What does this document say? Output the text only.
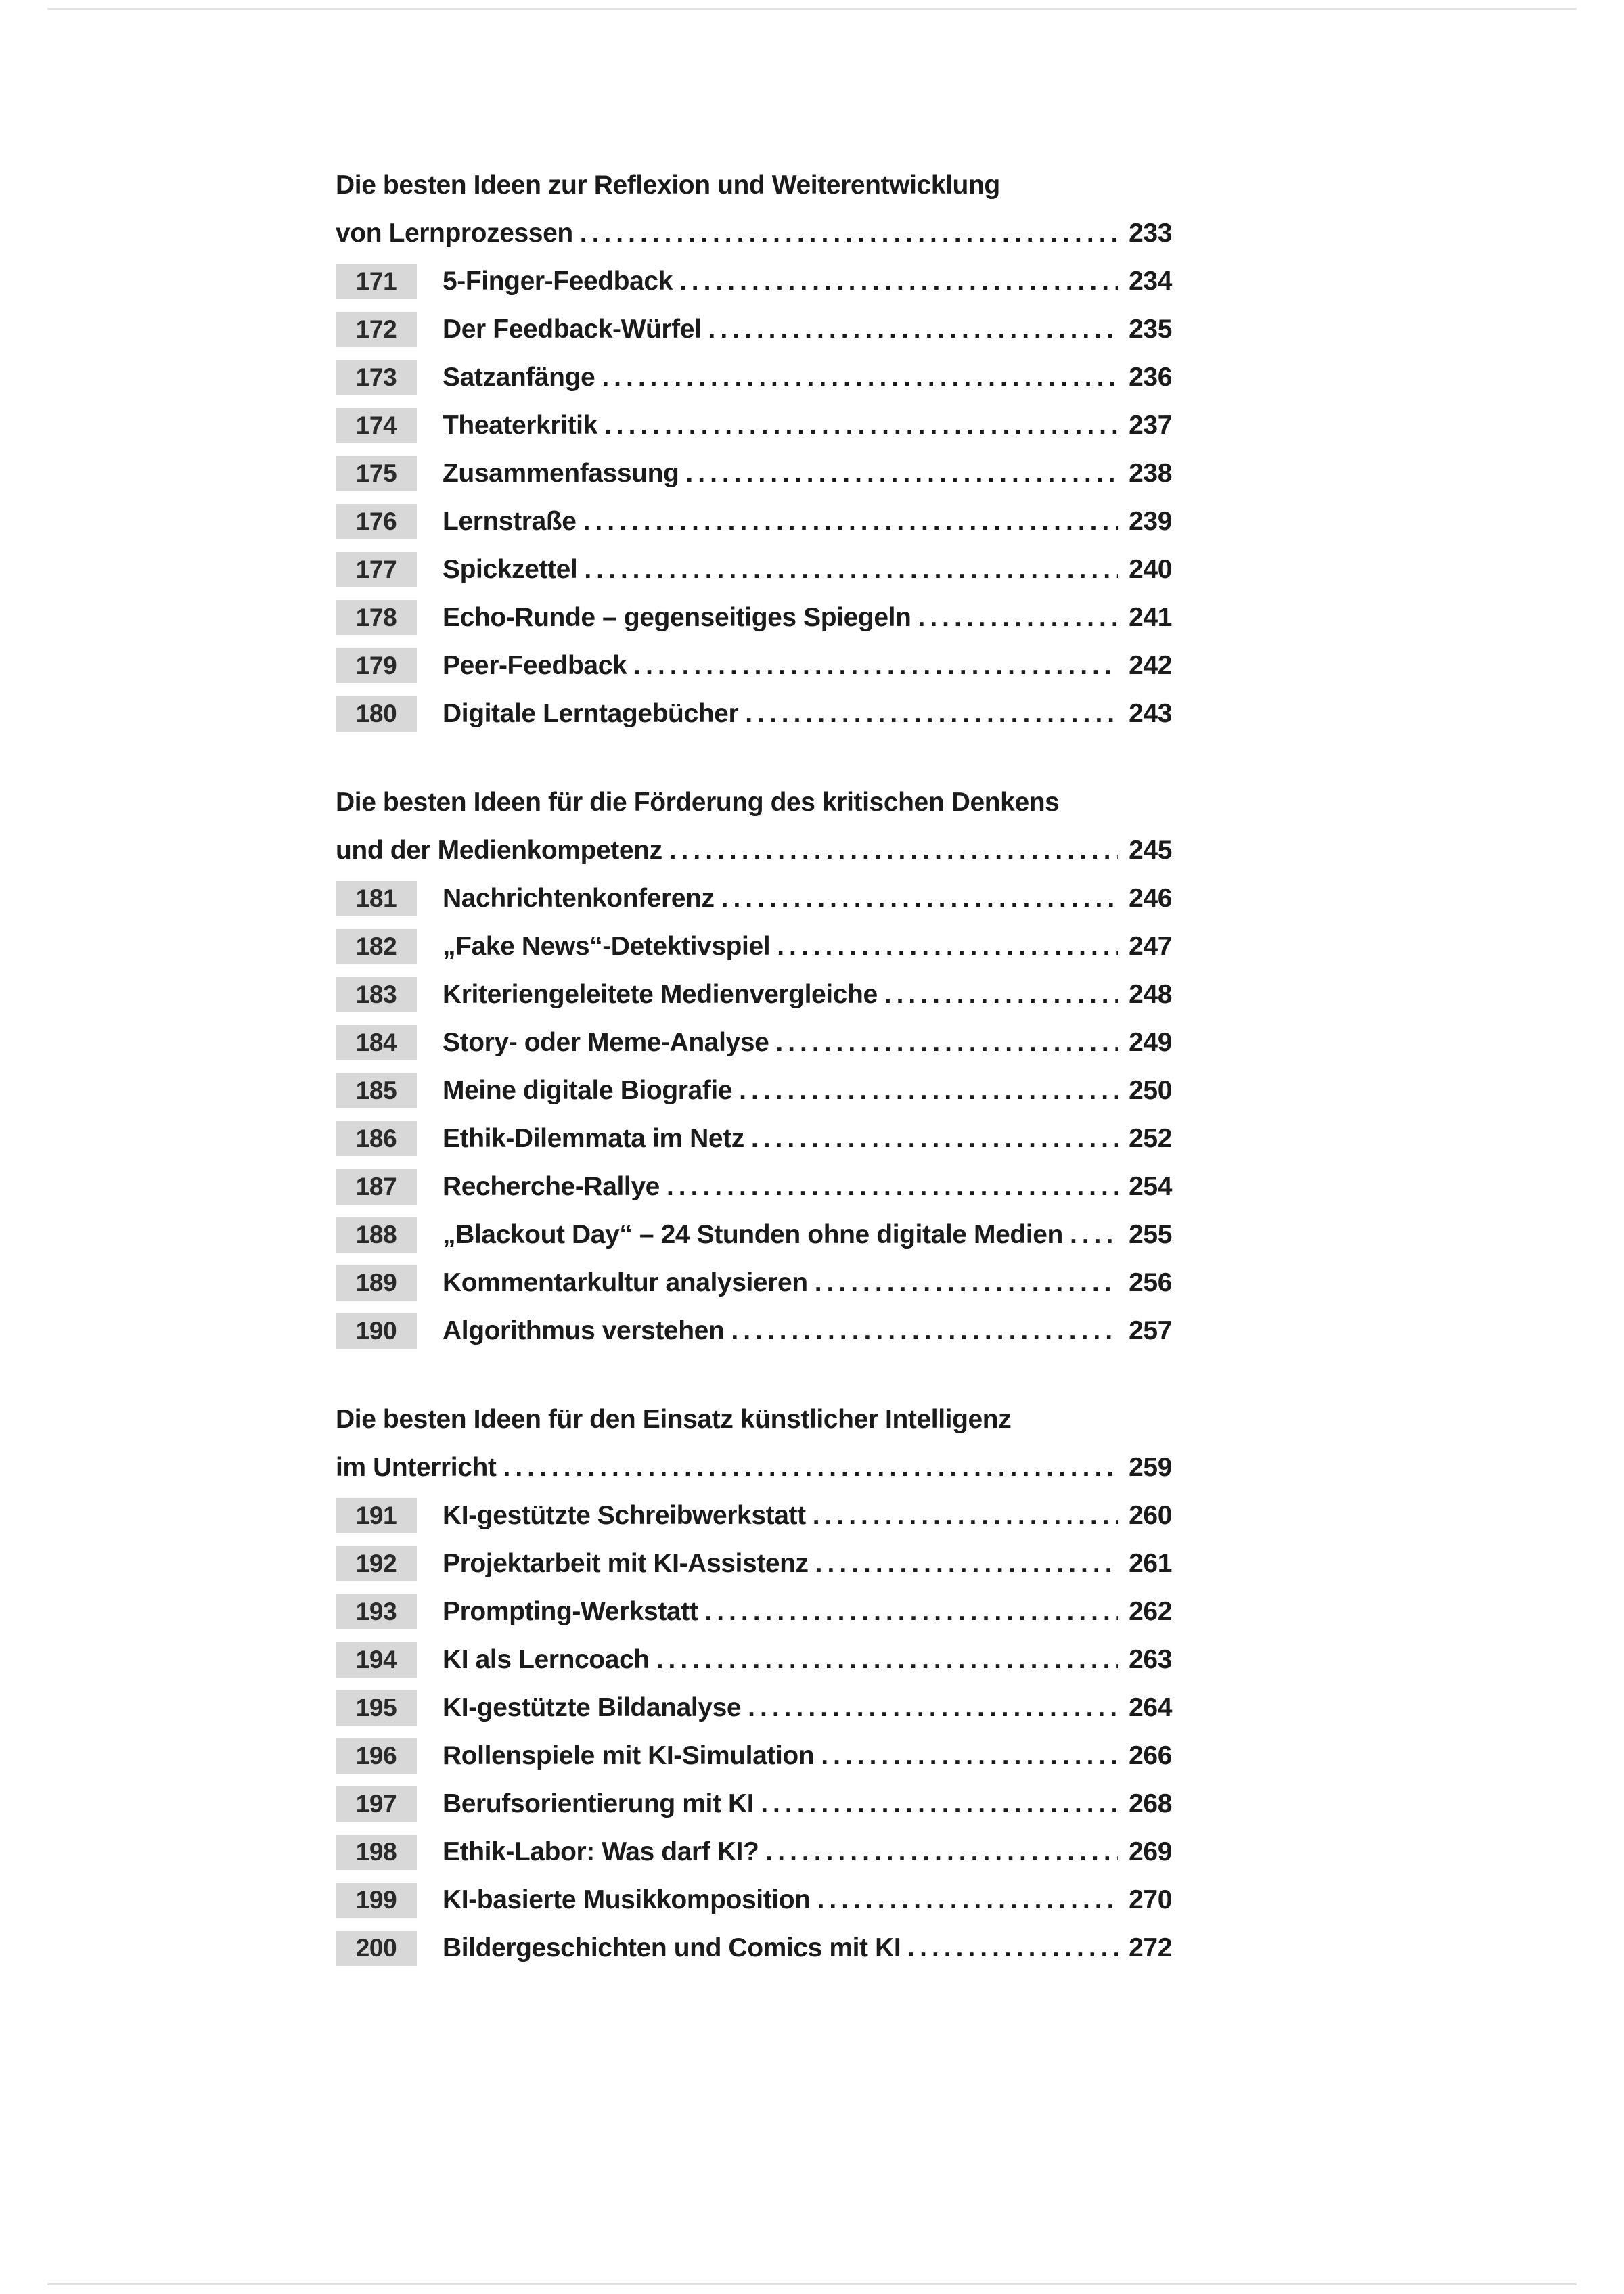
Die besten Ideen zur Reflexion und Weiterentwicklung
von Lernprozessen .....	233
171	5-Finger-Feedback .....	234
172	Der Feedback-Würfel .....	235
173	Satzanfänge .....	236
174	Theaterkritik .....	237
175	Zusammenfassung .....	238
176	Lernstraße .....	239
177	Spickzettel .....	240
178	Echo-Runde – gegenseitiges Spiegeln .....	241
179	Peer-Feedback .....	242
180	Digitale Lerntagebücher .....	243
Die besten Ideen für die Förderung des kritischen Denkens
und der Medienkompetenz .....	245
181	Nachrichtenkonferenz .....	246
182	„Fake News“-Detektivspiel .....	247
183	Kriteriengeleitete Medienvergleiche .....	248
184	Story- oder Meme-Analyse .....	249
185	Meine digitale Biografie .....	250
186	Ethik-Dilemmata im Netz .....	252
187	Recherche-Rallye .....	254
188	„Blackout Day“ – 24 Stunden ohne digitale Medien ..... 255
189	Kommentarkultur analysieren .....	256
190	Algorithmus verstehen .....	257
Die besten Ideen für den Einsatz künstlicher Intelligenz
im Unterricht .....	259
191	KI-gestützte Schreibwerkstatt .....	260
192	Projektarbeit mit KI-Assistenz .....	261
193	Prompting-Werkstatt .....	262
194	KI als Lerncoach .....	263
195	KI-gestützte Bildanalyse .....	264
196	Rollenspiele mit KI-Simulation .....	266
197	Berufsorientierung mit KI .....	268
198	Ethik-Labor: Was darf KI? .....	269
199	KI-basierte Musikkomposition .....	270
200	Bildergeschichten und Comics mit KI .....	272
